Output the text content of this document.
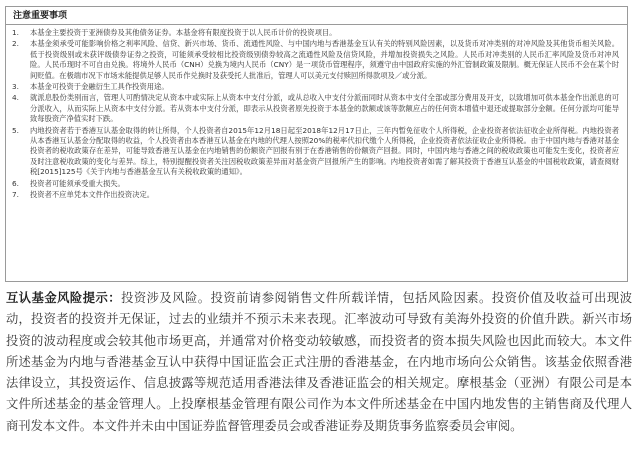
注意重要事项
1.	本基金主要投资于亚洲债券及其他债务证券。本基金将有限度投资于以人民币计价的投资项目。
2.	本基金须承受可能影响价格之利率风险、信贷、新兴市场、货币、流通性风险、与中国内地与香港基金互认有关的特别风险因素，以及货币对冲类别的对冲风险及其他货币相关风险。低于投资级别或未获评级债券证券之投资，可能须承受较相比投资级别债券较高之流通性风险及信贷风险，并增加投资损失之风险。人民币对冲类别的人民币汇率风险及货币对冲风险。人民币现时不可自由兑换。将境外人民币（CNH）兑换为境内人民币（CNY）是一项货币管理程序，须遵守由中国政府实施的外汇管制政策及限制。概无保证人民币不会在某个时间贬值。在极端市况下市场未能提供足够人民币作兑换时及获受托人批准后，管理人可以美元支付赎回所得款项及／或分派。
3.	本基金可投资于金融衍生工具作投资用途。
4.	就派息股份类别而言，管理人可酌情决定从资本中或实际上从资本中支付分派，或从总收入中支付分派而同时从资本中支付全部或部分费用及开支，以致增加可供本基金作出派息的可分派收入，从而实际上从资本中支付分派。若从资本中支付分派，即表示从投资者原先投资于本基金的款额或该等款额应占的任何资本增值中退还或提取部分金额。任何分派均可能导致每股资产净值实时下跌。
5.	内地投资者若于香港互认基金取得的转让所得，个人投资者自2015年12月18日起至2018年12月17日止，三年内暂免征收个人所得税，企业投资者依法征收企业所得税。内地投资者从本香港互认基金分配取得的收益，个人投资者由本香港互认基金在内地的代理人按照20%的税率代扣代缴个人所得税，企业投资者依法征收企业所得税。由于中国内地与香港对基金投资者的税收政策存在差异，可能导致香港互认基金在内地销售的份额资产回报有别于在香港销售的份额资产回报。同时，中国内地与香港之间的税收政策也可能发生变化，投资者应及时注意税收政策的变化与差异。综上，特别提醒投资者关注因税收政策差异而对基金资产回报所产生的影响。内地投资者如需了解其投资于香港互认基金的中国税收政策，请查阅财税[2015]125号《关于内地与香港基金互认有关税收政策的通知》。
6.	投资者可能须承受重大损失。
7.	投资者不应单凭本文件作出投资决定。

互认基金风险提示：投资涉及风险。投资前请参阅销售文件所载详情，包括风险因素。投资价值及收益可出现波动，投资者的投资并无保证，过去的业绩并不预示未来表现。汇率波动可导致有美海外投资的价值升跌。新兴市场投资的波动程度或会较其他市场更高，并通常对价格变动较敏感，而投资者的资本损失风险也因此而较大。本文件所述基金为内地与香港基金互认中获得中国证监会正式注册的香港基金，在内地市场向公众销售。该基金依照香港法律设立，其投资运作、信息披露等规范适用香港法律及香港证监会的相关规定。摩根基金（亚洲）有限公司是本文件所述基金的基金管理人。上投摩根基金管理有限公司作为本文件所述基金在中国内地发售的主销售商及代理人商刊发本文件。本文件并未由中国证券监督管理委员会或香港证券及期货事务监察委员会审阅。
